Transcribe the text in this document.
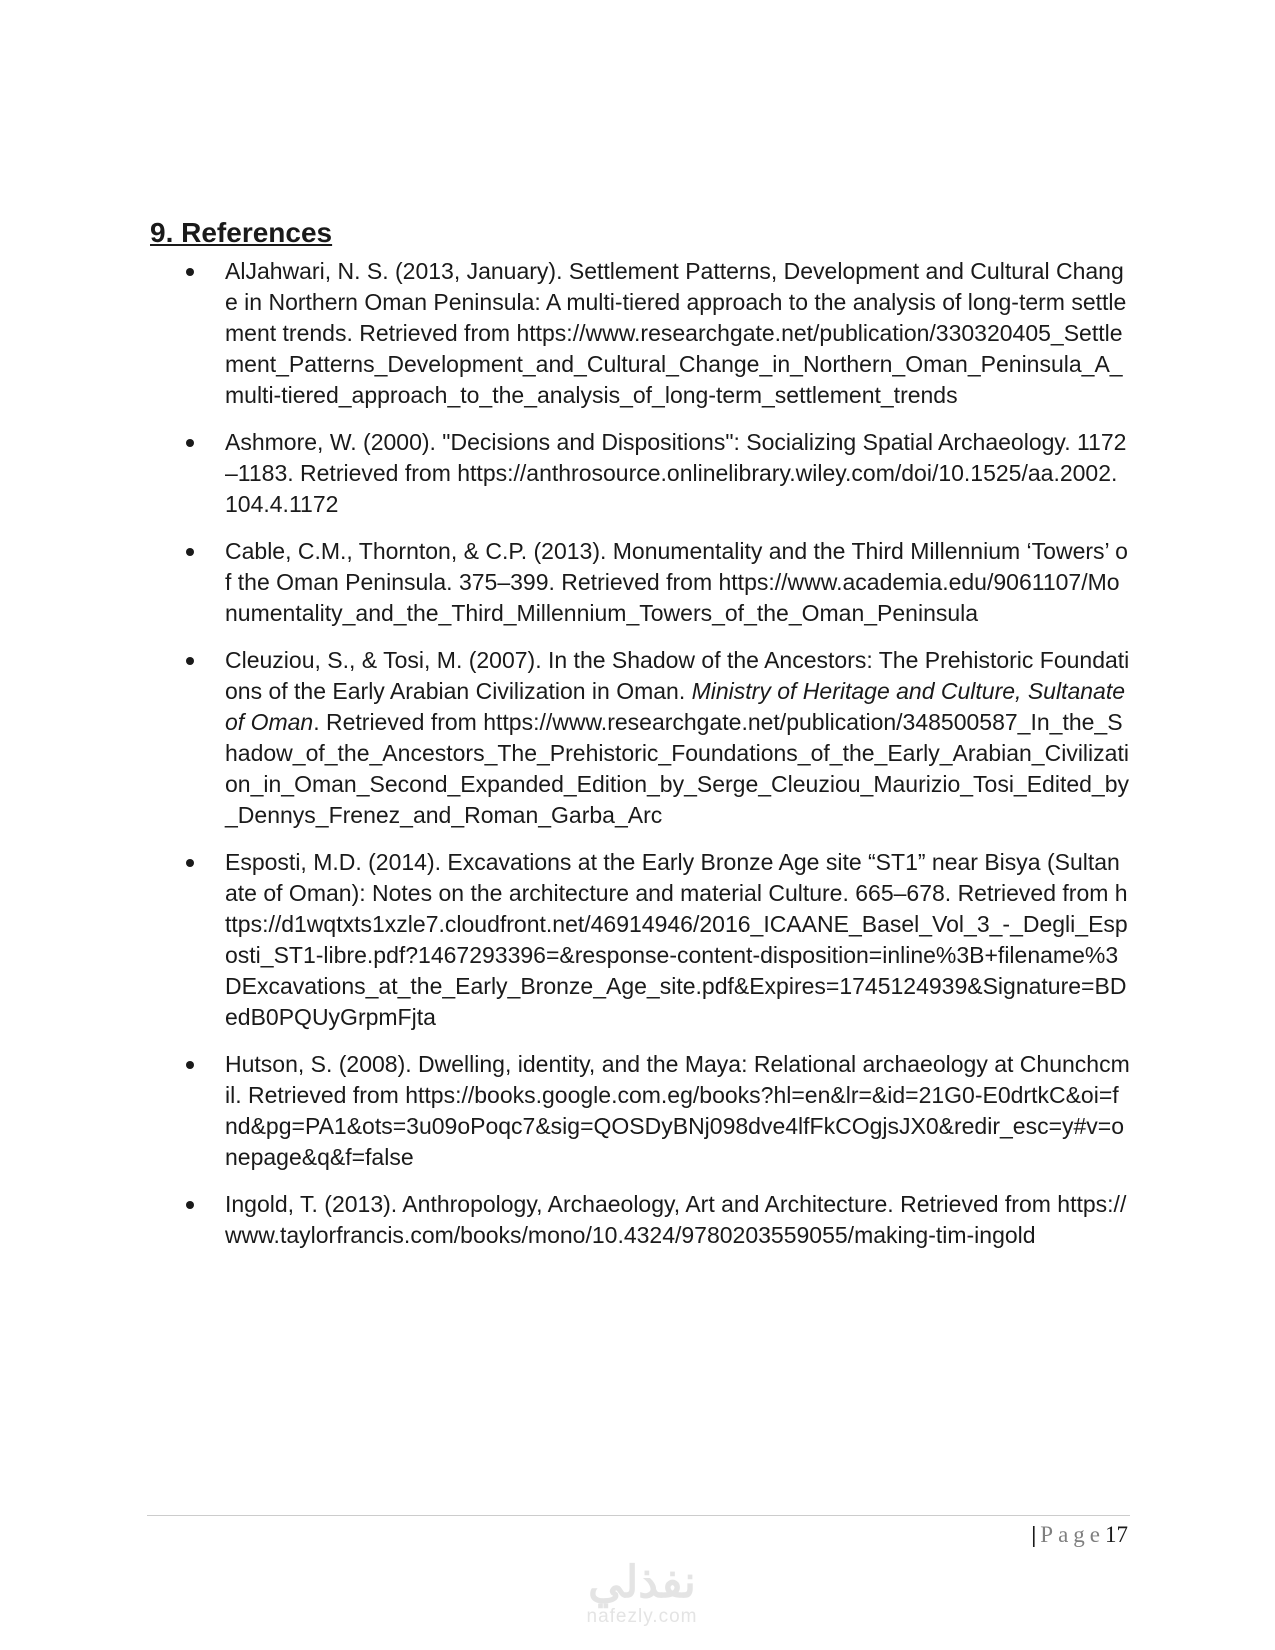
9. References
AlJahwari, N. S. (2013, January). Settlement Patterns, Development and Cultural Change in Northern Oman Peninsula: A multi-tiered approach to the analysis of long-term settlement trends. Retrieved from https://www.researchgate.net/publication/330320405_Settlement_Patterns_Development_and_Cultural_Change_in_Northern_Oman_Peninsula_A_multi-tiered_approach_to_the_analysis_of_long-term_settlement_trends
Ashmore, W. (2000). "Decisions and Dispositions": Socializing Spatial Archaeology. 1172–1183. Retrieved from https://anthrosource.onlinelibrary.wiley.com/doi/10.1525/aa.2002.104.4.1172
Cable, C.M., Thornton, & C.P. (2013). Monumentality and the Third Millennium ‘Towers’ of the Oman Peninsula. 375–399. Retrieved from https://www.academia.edu/9061107/Monumentality_and_the_Third_Millennium_Towers_of_the_Oman_Peninsula
Cleuziou, S., & Tosi, M. (2007). In the Shadow of the Ancestors: The Prehistoric Foundations of the Early Arabian Civilization in Oman. Ministry of Heritage and Culture, Sultanate of Oman. Retrieved from https://www.researchgate.net/publication/348500587_In_the_Shadow_of_the_Ancestors_The_Prehistoric_Foundations_of_the_Early_Arabian_Civilization_in_Oman_Second_Expanded_Edition_by_Serge_Cleuziou_Maurizio_Tosi_Edited_by_Dennys_Frenez_and_Roman_Garba_Arc
Esposti, M.D. (2014). Excavations at the Early Bronze Age site “ST1” near Bisya (Sultanate of Oman): Notes on the architecture and material Culture. 665–678. Retrieved from https://d1wqtxts1xzle7.cloudfront.net/46914946/2016_ICAANE_Basel_Vol_3_-_Degli_Esposti_ST1-libre.pdf?1467293396=&response-content-disposition=inline%3B+filename%3DExcavations_at_the_Early_Bronze_Age_site.pdf&Expires=1745124939&Signature=BDedB0PQUyGrpmFjta
Hutson, S. (2008). Dwelling, identity, and the Maya: Relational archaeology at Chunchcmil. Retrieved from https://books.google.com.eg/books?hl=en&lr=&id=21G0-E0drtkC&oi=fnd&pg=PA1&ots=3u09oPoqc7&sig=QOSDyBNj098dve4lfFkCOgjsJX0&redir_esc=y#v=onepage&q&f=false
Ingold, T. (2013). Anthropology, Archaeology, Art and Architecture. Retrieved from https://www.taylorfrancis.com/books/mono/10.4324/9780203559055/making-tim-ingold
| Page17
نفذلي
nafezly.com
